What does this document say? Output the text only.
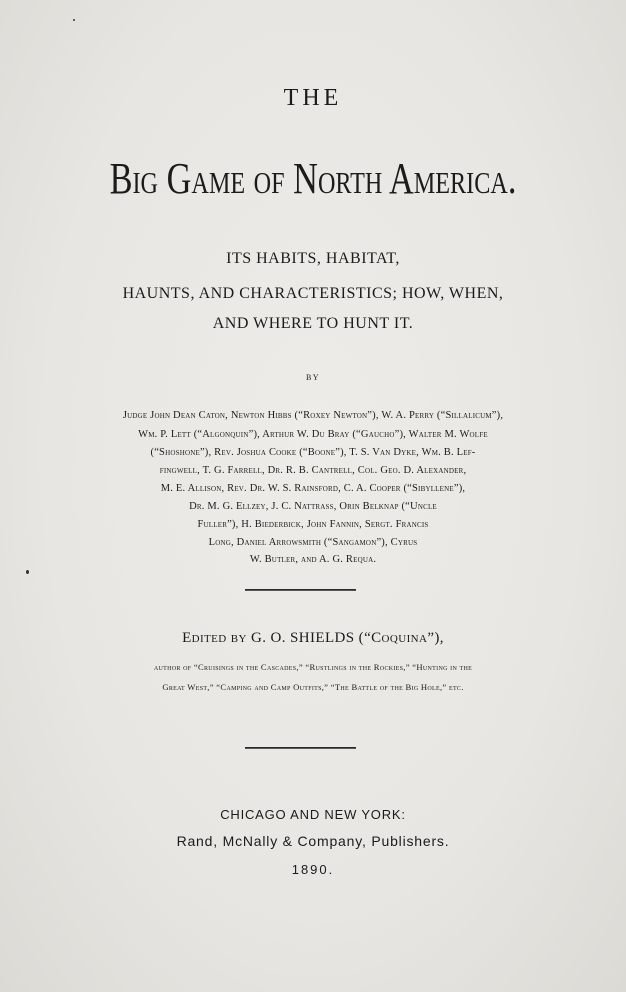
THE
Big Game of North America.
ITS HABITS, HABITAT,
HAUNTS, AND CHARACTERISTICS; HOW, WHEN,
AND WHERE TO HUNT IT.
BY
Judge John Dean Caton, Newton Hibbs (“Roxey Newton”), W. A. Perry (“Sillalicum”),
Wm. P. Lett (“Algonquin”), Arthur W. Du Bray (“Gaucho”), Walter M. Wolfe
(“Shoshone”), Rev. Joshua Cooke (“Boone”), T. S. Van Dyke, Wm. B. Lef-
fingwell, T. G. Farrell, Dr. R. B. Cantrell, Col. Geo. D. Alexander,
M. E. Allison, Rev. Dr. W. S. Rainsford, C. A. Cooper (“Sibyllene”),
Dr. M. G. Ellzey, J. C. Nattrass, Orin Belknap (“Uncle
Fuller”), H. Biederbick, John Fannin, Sergt. Francis
Long, Daniel Arrowsmith (“Sangamon”), Cyrus
W. Butler, and A. G. Requa.
Edited by G. O. SHIELDS (“Coquina”),
author of “Cruisings in the Cascades,” “Rustlings in the Rockies,” “Hunting in the
Great West,” “Camping and Camp Outfits,” “The Battle of the Big Hole,” etc.
CHICAGO AND NEW YORK:
Rand, McNally & Company, Publishers.
1890.
